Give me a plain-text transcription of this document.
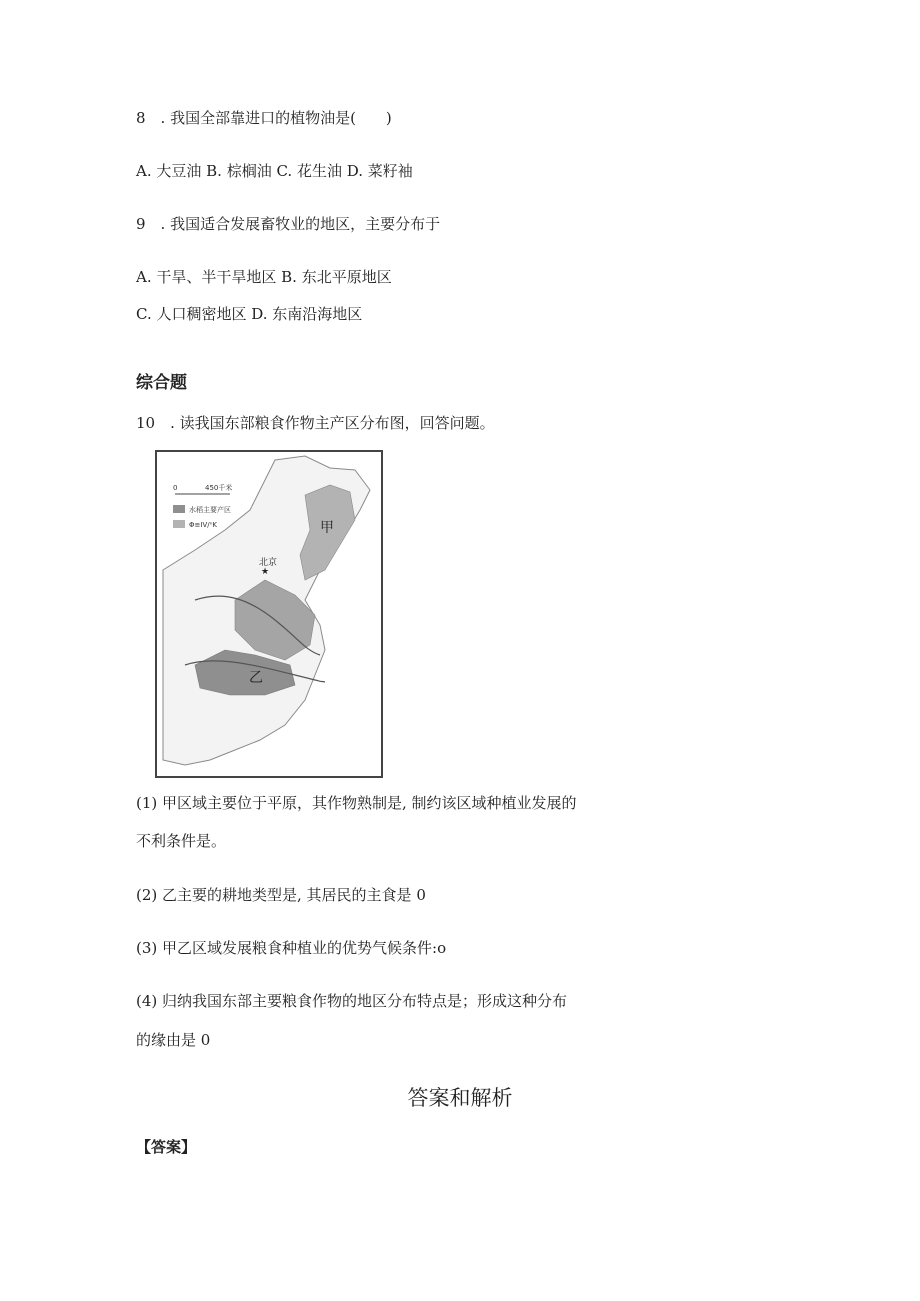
8　. 我国全部靠进口的植物油是(　　)
A. 大豆油 B. 棕榈油 C. 花生油 D. 菜籽袖
9　. 我国适合发展畜牧业的地区，主要分布于
A. 干旱、半干旱地区 B. 东北平原地区
C. 人口稠密地区 D. 东南沿海地区
综合题
10　. 读我国东部粮食作物主产区分布图，回答问题。
0	450千米
水稻主要产区
Φ≡IV/ⁿK
★
北京
甲
乙
(1) 甲区域主要位于平原，其作物熟制是, 制约该区域种植业发展的
不利条件是。
(2) 乙主要的耕地类型是, 其居民的主食是 0
(3) 甲乙区域发展粮食种植业的优势气候条件:o
(4) 归纳我国东部主要粮食作物的地区分布特点是；形成这种分布
的缘由是 0
答案和解析
【答案】
